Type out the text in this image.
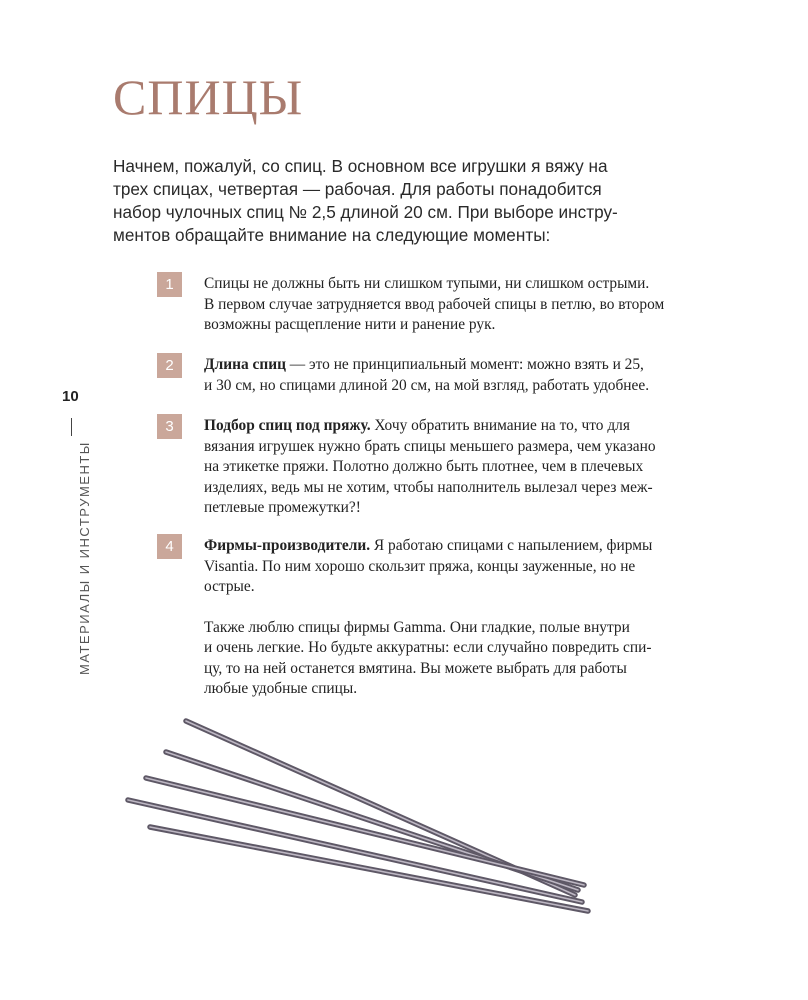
СПИЦЫ
Начнем, пожалуй, со спиц. В основном все игрушки я вяжу на
трех спицах, четвертая — рабочая. Для работы понадобится
набор чулочных спиц № 2,5 длиной 20 см. При выборе инстру-
ментов обращайте внимание на следующие моменты:
1	Спицы не должны быть ни слишком тупыми, ни слишком острыми.
В первом случае затрудняется ввод рабочей спицы в петлю, во втором
возможны расщепление нити и ранение рук.
2	Длина спиц — это не принципиальный момент: можно взять и 25,
и 30 см, но спицами длиной 20 см, на мой взгляд, работать удобнее.
3	Подбор спиц под пряжу. Хочу обратить внимание на то, что для
вязания игрушек нужно брать спицы меньшего размера, чем указано
на этикетке пряжи. Полотно должно быть плотнее, чем в плечевых
изделиях, ведь мы не хотим, чтобы наполнитель вылезал через меж-
петлевые промежутки?!
4	Фирмы-производители. Я работаю спицами с напылением, фирмы
Visantia. По ним хорошо скользит пряжа, концы зауженные, но не
острые.
Также люблю спицы фирмы Gamma. Они гладкие, полые внутри
и очень легкие. Но будьте аккуратны: если случайно повредить спи-
цу, то на ней останется вмятина. Вы можете выбрать для работы
любые удобные спицы.
10
МАТЕРИАЛЫ И ИНСТРУМЕНТЫ
